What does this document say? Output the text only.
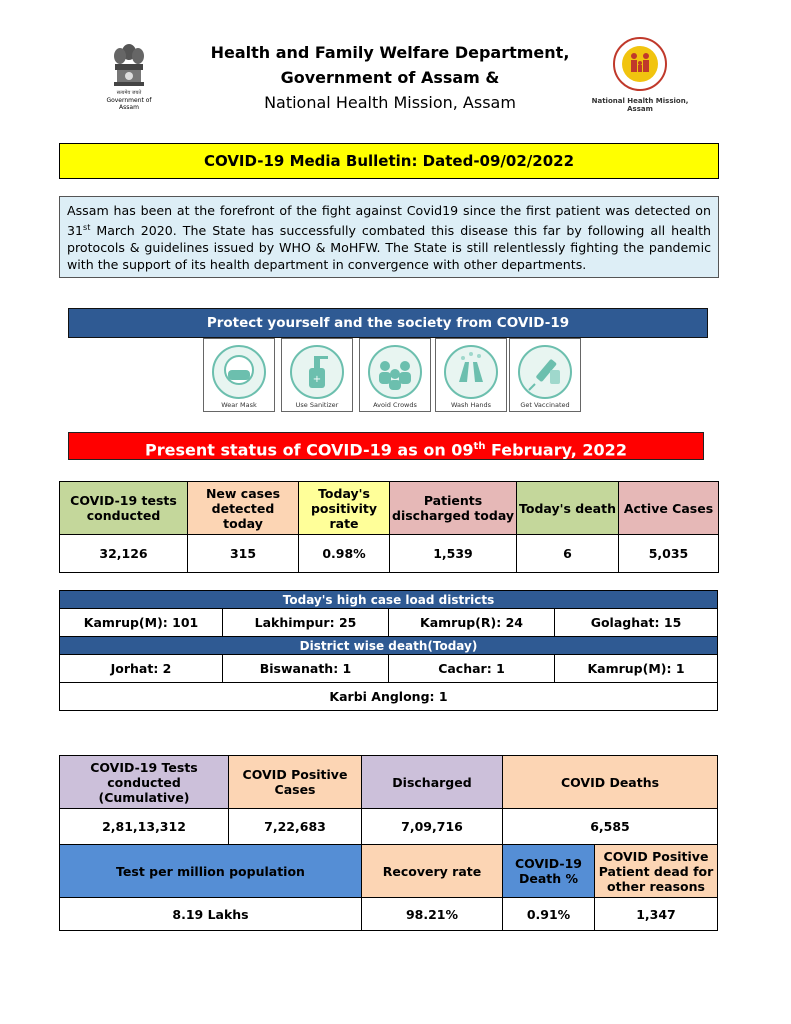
सत्यमेव जयते
Government of Assam
Health and Family Welfare Department,
Government of Assam &
National Health Mission, Assam	National Health Mission, Assam
COVID-19 Media Bulletin: Dated-09/02/2022
Assam has been at the forefront of the fight against Covid19 since the first patient was detected on 31st March 2020. The State has successfully combated this disease this far by following all health protocols & guidelines issued by WHO & MoHFW. The State is still relentlessly fighting the pandemic with the support of its health department in convergence with other departments.
Protect yourself and the society from COVID-19
Wear Mask
+
Use Sanitizer	Avoid Crowds	Wash Hands	Get Vaccinated
Present status of COVID-19 as on 09th February, 2022
COVID-19 tests conducted	New cases detected today	Today's positivity rate	Patients discharged today	Today's death	Active Cases
32,126	315	0.98%	1,539	6	5,035
Today's high case load districts			
Kamrup(M): 101	Lakhimpur: 25	Kamrup(R): 24	Golaghat: 15
District wise death(Today)			
Jorhat: 2	Biswanath: 1	Cachar: 1	Kamrup(M): 1
Karbi Anglong: 1			
COVID-19 Tests conducted (Cumulative)	COVID Positive Cases	Discharged	COVID Deaths	
2,81,13,312	7,22,683	7,09,716	6,585	
Test per million population		Recovery rate	COVID-19 Death %	COVID Positive Patient dead for other reasons
8.19 Lakhs		98.21%	0.91%	1,347
